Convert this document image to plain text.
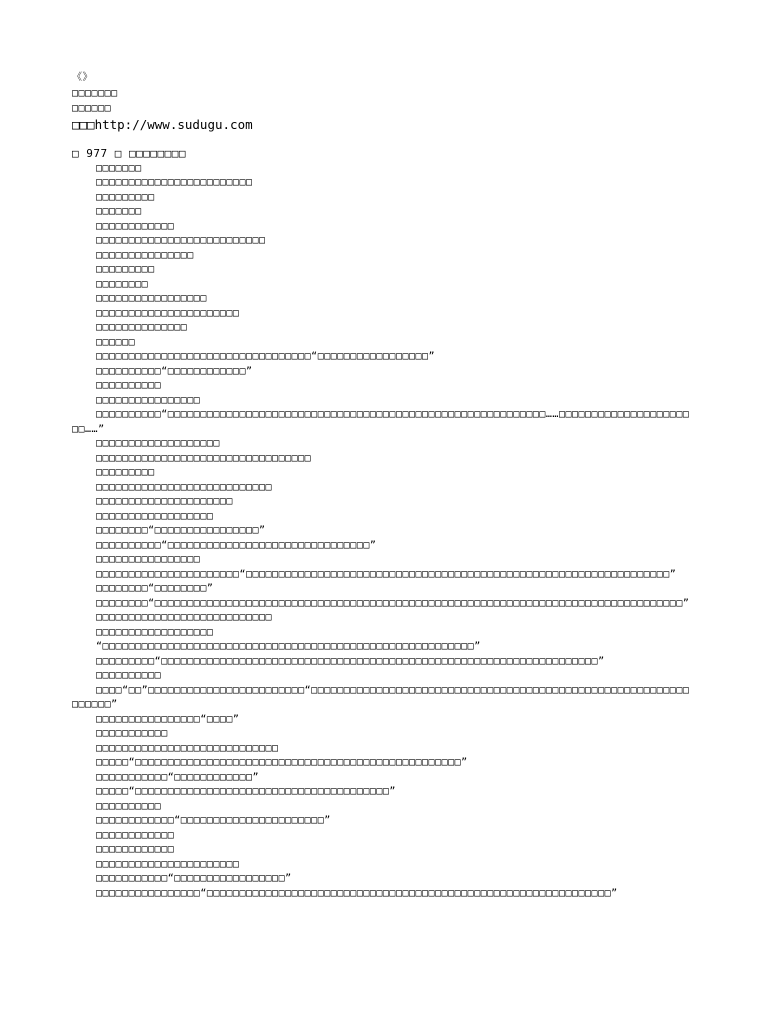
《》
□□□□□□□
□□□□□□
□□□http://www.sudugu.com
□ 977 □ □□□□□□□□
□□□□□□□
□□□□□□□□□□□□□□□□□□□□□□□□
□□□□□□□□□
□□□□□□□
□□□□□□□□□□□□
□□□□□□□□□□□□□□□□□□□□□□□□□□
□□□□□□□□□□□□□□□
□□□□□□□□□
□□□□□□□□
□□□□□□□□□□□□□□□□□
□□□□□□□□□□□□□□□□□□□□□□
□□□□□□□□□□□□□□
□□□□□□
□□□□□□□□□□□□□□□□□□□□□□□□□□□□□□□□□“□□□□□□□□□□□□□□□□□”
□□□□□□□□□□“□□□□□□□□□□□□”
□□□□□□□□□□
□□□□□□□□□□□□□□□□
□□□□□□□□□□“□□□□□□□□□□□□□□□□□□□□□□□□□□□□□□□□□□□□□□□□□□□□□□□□□□□□□□□□□□……□□□□□□□□□□□□□□□□□□□□□□……”
□□□□□□□□□□□□□□□□□□□
□□□□□□□□□□□□□□□□□□□□□□□□□□□□□□□□□
□□□□□□□□□
□□□□□□□□□□□□□□□□□□□□□□□□□□□
□□□□□□□□□□□□□□□□□□□□□
□□□□□□□□□□□□□□□□□□
□□□□□□□□“□□□□□□□□□□□□□□□□”
□□□□□□□□□□“□□□□□□□□□□□□□□□□□□□□□□□□□□□□□□□”
□□□□□□□□□□□□□□□□
□□□□□□□□□□□□□□□□□□□□□□“□□□□□□□□□□□□□□□□□□□□□□□□□□□□□□□□□□□□□□□□□□□□□□□□□□□□□□□□□□□□□□□□□”
□□□□□□□□“□□□□□□□□”
□□□□□□□□“□□□□□□□□□□□□□□□□□□□□□□□□□□□□□□□□□□□□□□□□□□□□□□□□□□□□□□□□□□□□□□□□□□□□□□□□□□□□□□□□□”
□□□□□□□□□□□□□□□□□□□□□□□□□□□
□□□□□□□□□□□□□□□□□□
“□□□□□□□□□□□□□□□□□□□□□□□□□□□□□□□□□□□□□□□□□□□□□□□□□□□□□□□□□”
□□□□□□□□□“□□□□□□□□□□□□□□□□□□□□□□□□□□□□□□□□□□□□□□□□□□□□□□□□□□□□□□□□□□□□□□□□□□□”
□□□□□□□□□□
□□□□“□□”□□□□□□□□□□□□□□□□□□□□□□□□“□□□□□□□□□□□□□□□□□□□□□□□□□□□□□□□□□□□□□□□□□□□□□□□□□□□□□□□□□□□□□□□□”
□□□□□□□□□□□□□□□□“□□□□”
□□□□□□□□□□□
□□□□□□□□□□□□□□□□□□□□□□□□□□□□
□□□□□“□□□□□□□□□□□□□□□□□□□□□□□□□□□□□□□□□□□□□□□□□□□□□□□□□□”
□□□□□□□□□□□“□□□□□□□□□□□□”
□□□□□“□□□□□□□□□□□□□□□□□□□□□□□□□□□□□□□□□□□□□□□”
□□□□□□□□□□
□□□□□□□□□□□□“□□□□□□□□□□□□□□□□□□□□□□”
□□□□□□□□□□□□
□□□□□□□□□□□□
□□□□□□□□□□□□□□□□□□□□□□
□□□□□□□□□□□“□□□□□□□□□□□□□□□□□”
□□□□□□□□□□□□□□□□“□□□□□□□□□□□□□□□□□□□□□□□□□□□□□□□□□□□□□□□□□□□□□□□□□□□□□□□□□□□□□□”
